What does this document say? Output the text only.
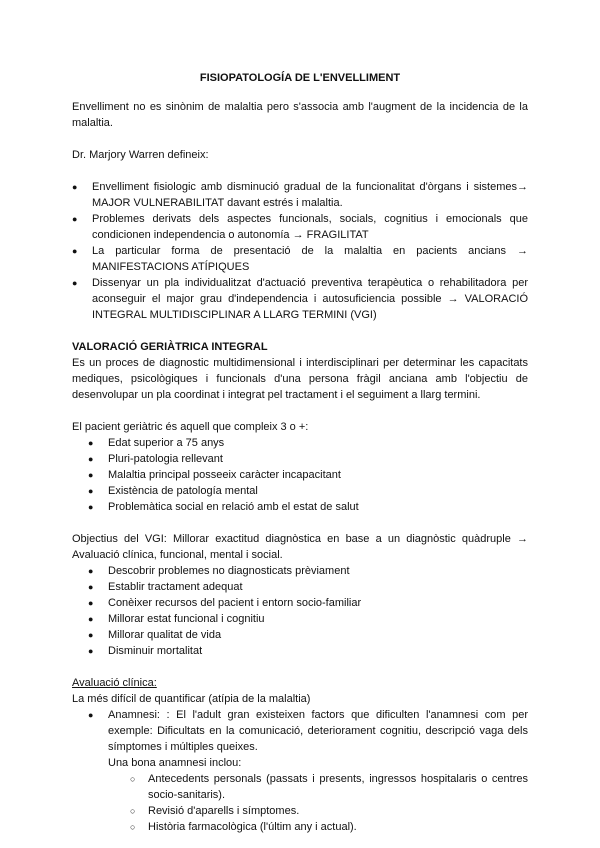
FISIOPATOLOGÍA DE L'ENVELLIMENT

Envelliment no es sinònim de malaltia pero s'associa amb l'augment de la incidencia de la malaltia.

Dr. Marjory Warren defineix:

● Envelliment fisiologic amb disminució gradual de la funcionalitat d'òrgans i sistemes→ MAJOR VULNERABILITAT davant estrés i malaltia.
● Problemes derivats dels aspectes funcionals, socials, cognitius i emocionals que condicionen independencia o autonomía → FRAGILITAT
● La particular forma de presentació de la malaltia en pacients ancians → MANIFESTACIONS ATÍPIQUES
● Dissenyar un pla individualitzat d'actuació preventiva terapèutica o rehabilitadora per aconseguir el major grau d'independencia i autosuficiencia possible → VALORACIÓ INTEGRAL MULTIDISCIPLINAR A LLARG TERMINI (VGI)
VALORACIÓ GERIÀTRICA INTEGRAL

Es un proces de diagnostic multidimensional i interdisciplinari per determinar les capacitats mediques, psicològiques i funcionals d'una persona fràgil anciana amb l'objectiu de desenvolupar un pla coordinat i integrat pel tractament i el seguiment a llarg termini.

El pacient geriàtric és aquell que compleix 3 o +:

● Edat superior a 75 anys
● Pluri-patologia rellevant
● Malaltia principal posseeix caràcter incapacitant
● Existència de patología mental
● Problemàtica social en relació amb el estat de salut

Objectius del VGI: Millorar exactitud diagnòstica en base a un diagnòstic quàdruple → Avaluació clínica, funcional, mental i social.

● Descobrir problemes no diagnosticats prèviament
● Establir tractament adequat
● Conèixer recursos del pacient i entorn socio-familiar
● Millorar estat funcional i cognitiu
● Millorar qualitat de vida
● Disminuir mortalitat

Avaluació clínica:

La més difícil de quantificar (atípia de la malaltia)

● Anamnesi: : El l'adult gran existeixen factors que dificulten l'anamnesi com per exemple: Dificultats en la comunicació, deteriorament cognitiu, descripció vaga dels símptomes i múltiples queixes.
Una bona anamnesi inclou:
○ Antecedents personals (passats i presents, ingressos hospitalaris o centres socio-sanitaris).
○ Revisió d'aparells i símptomes.
○ Història farmacològica (l'últim any i actual).
